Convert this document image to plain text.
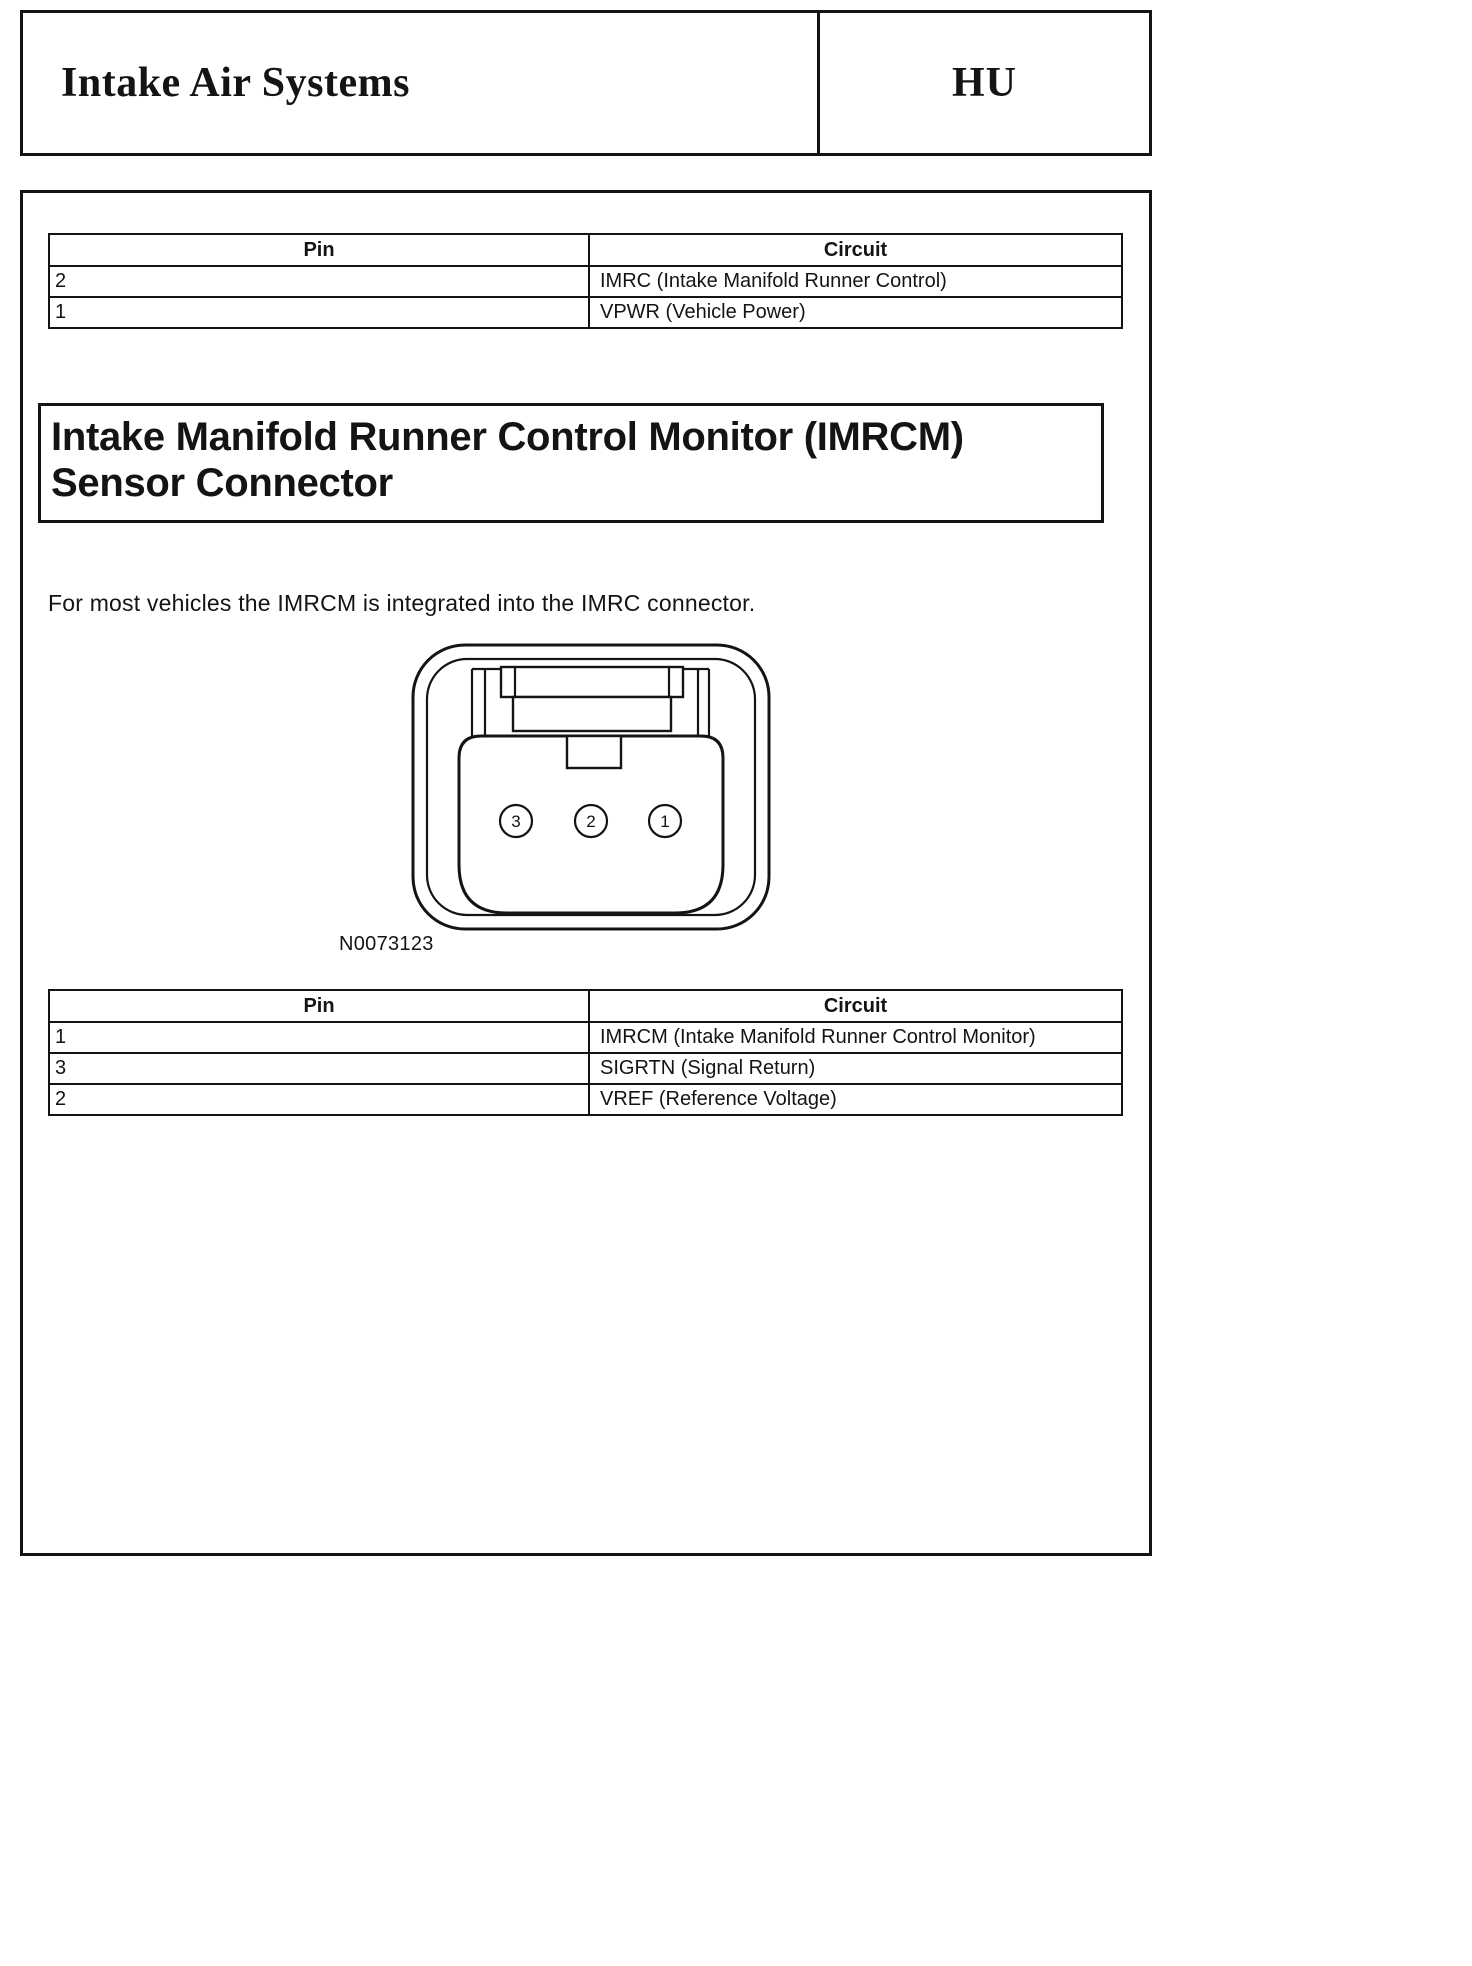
Intake Air Systems	HU
Pin	Circuit
2	IMRC (Intake Manifold Runner Control)
1	VPWR (Vehicle Power)
Intake Manifold Runner Control Monitor (IMRCM) Sensor Connector

For most vehicles the IMRCM is integrated into the IMRC connector.

3	2	1
N0073123
Pin	Circuit
1	IMRCM (Intake Manifold Runner Control Monitor)
3	SIGRTN (Signal Return)
2	VREF (Reference Voltage)
